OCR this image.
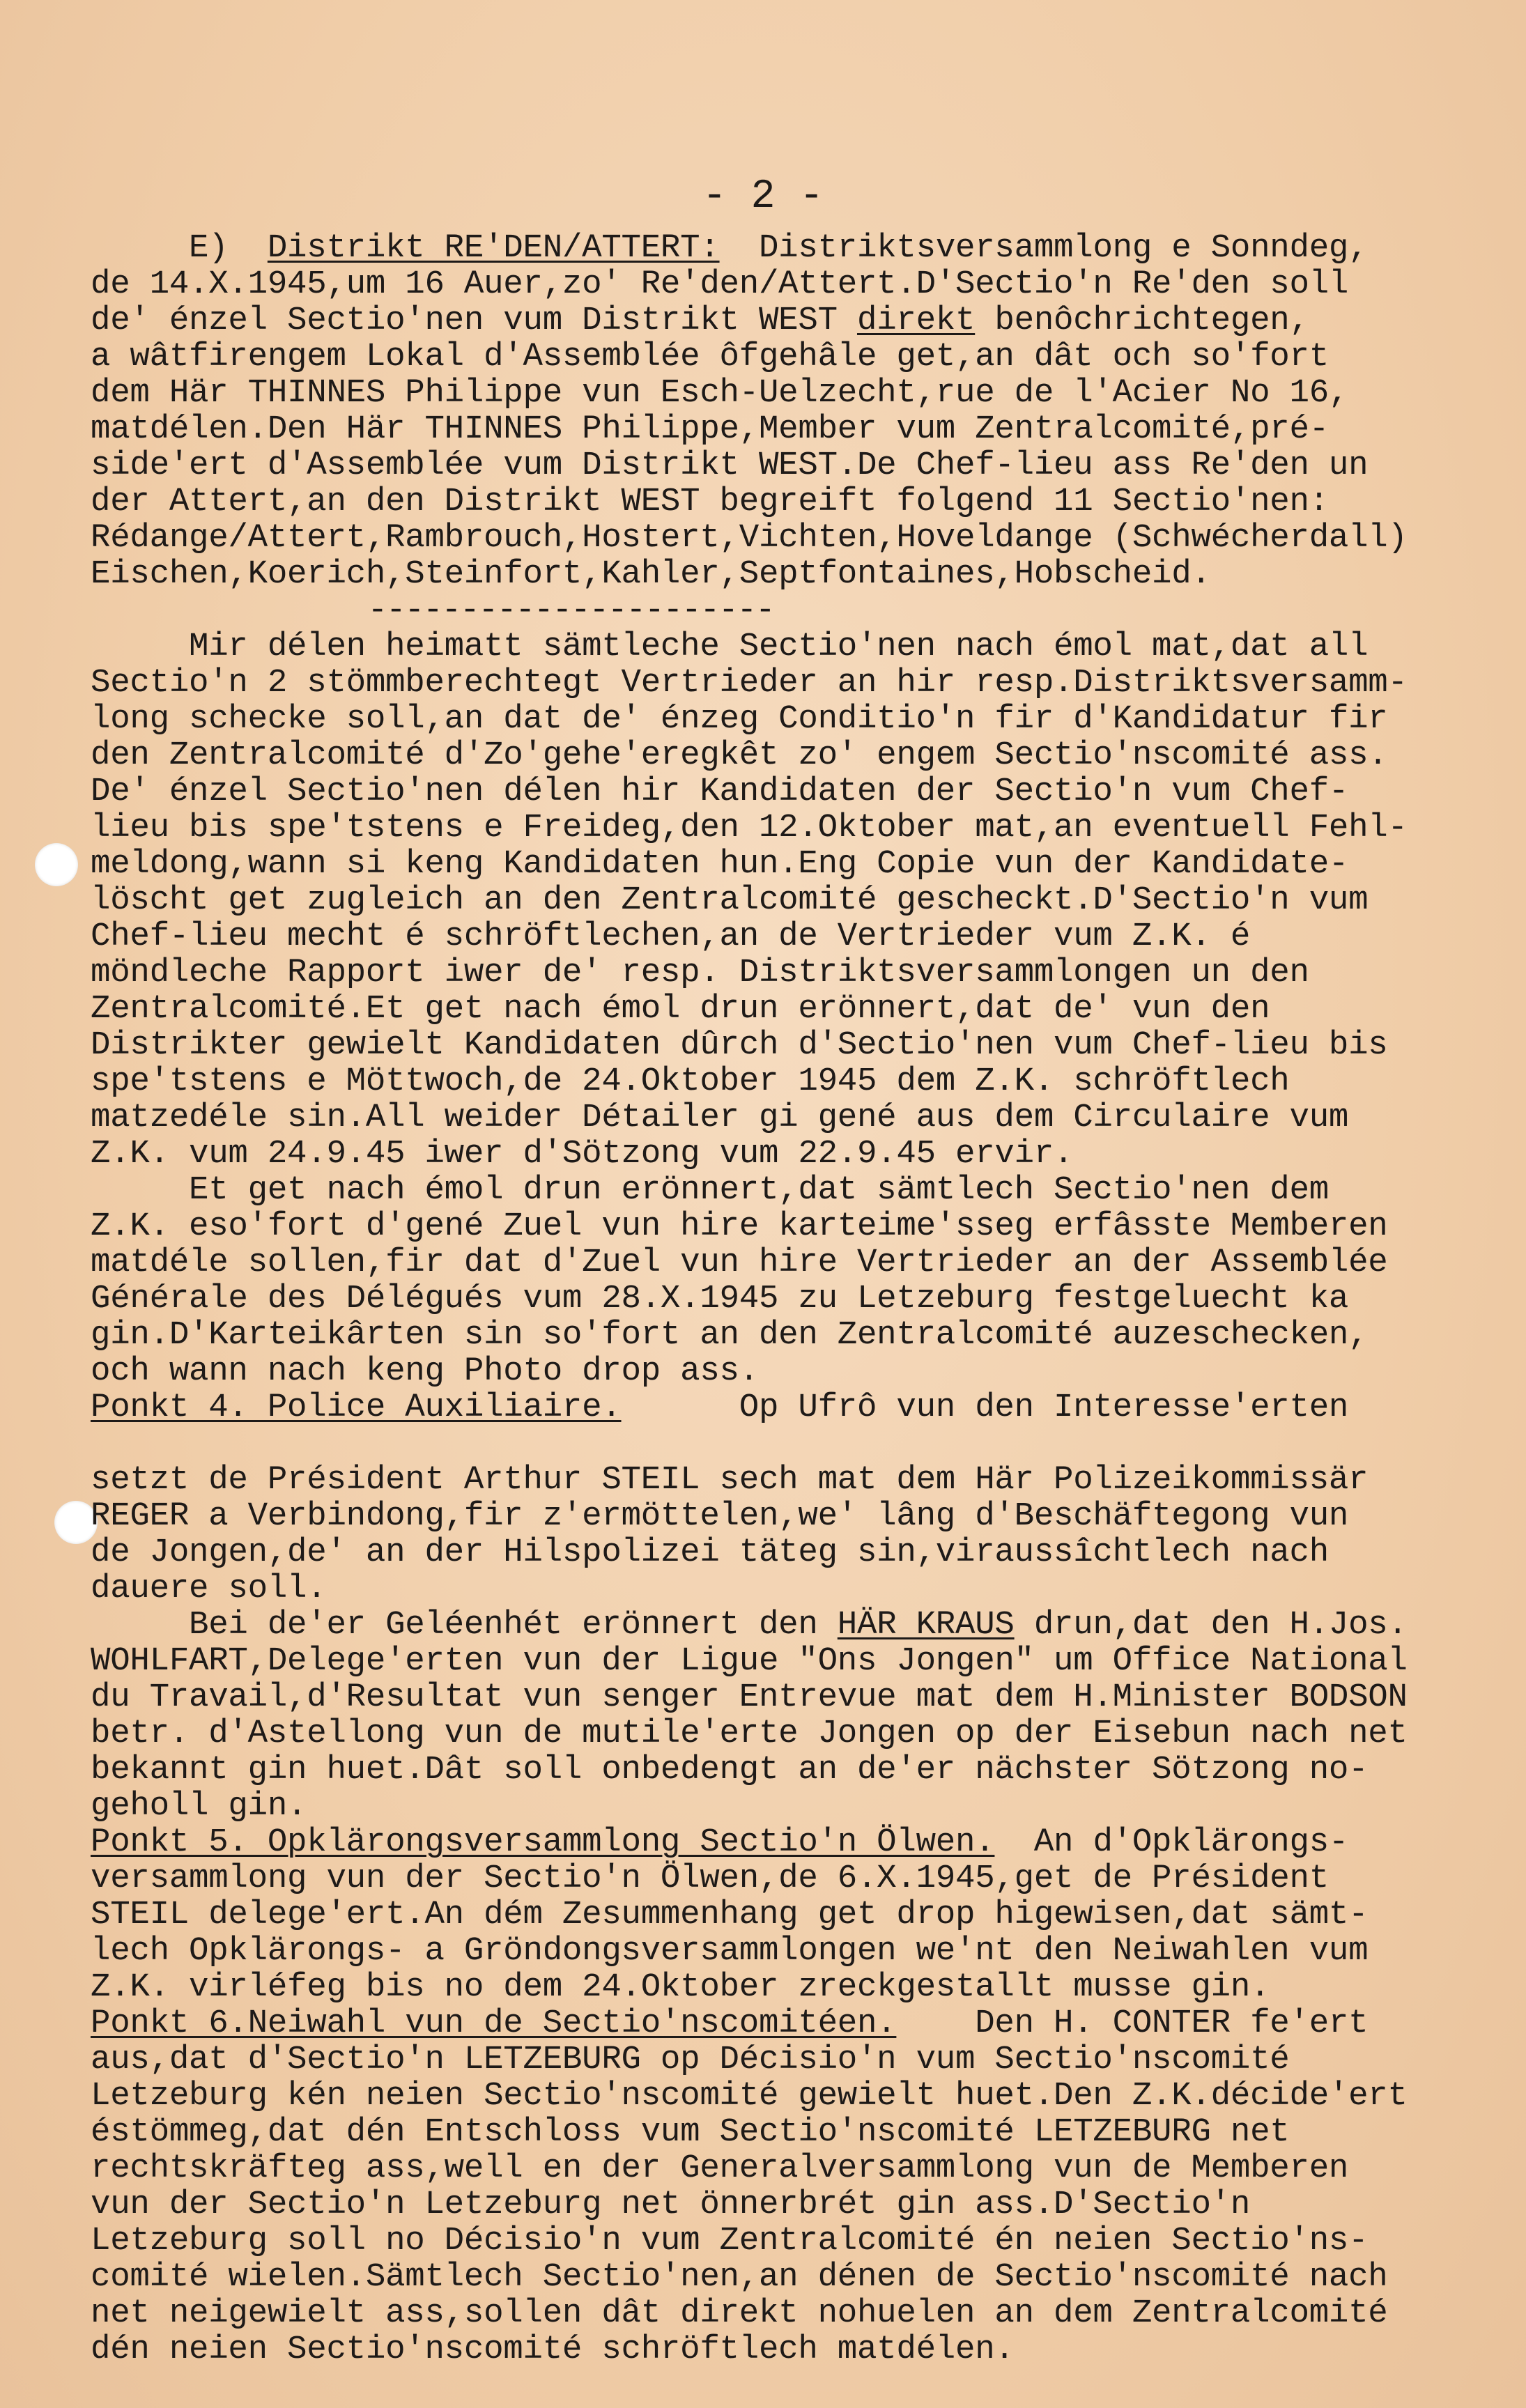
- 2 -
E)  Distrikt RE'DEN/ATTERT:  Distriktsversammlong e Sonndeg,
de 14.X.1945,um 16 Auer,zo' Re'den/Attert.D'Sectio'n Re'den soll
de' énzel Sectio'nen vum Distrikt WEST direkt benôchrichtegen,
a wâtfirengem Lokal d'Assemblée ôfgehâle get,an dât och so'fort
dem Här THINNES Philippe vun Esch-Uelzecht,rue de l'Acier No 16,
matdélen.Den Här THINNES Philippe,Member vum Zentralcomité,pré-
side'ert d'Assemblée vum Distrikt WEST.De Chef-lieu ass Re'den un
der Attert,an den Distrikt WEST begreift folgend 11 Sectio'nen:
Rédange/Attert,Rambrouch,Hostert,Vichten,Hoveldange (Schwécherdall)
Eischen,Koerich,Steinfort,Kahler,Septfontaines,Hobscheid.
----------------------
Mir délen heimatt sämtleche Sectio'nen nach émol mat,dat all
Sectio'n 2 stömmberechtegt Vertrieder an hir resp.Distriktsversamm-
long schecke soll,an dat de' énzeg Conditio'n fir d'Kandidatur fir
den Zentralcomité d'Zo'gehe'eregkêt zo' engem Sectio'nscomité ass.
De' énzel Sectio'nen délen hir Kandidaten der Sectio'n vum Chef-
lieu bis spe'tstens e Freideg,den 12.Oktober mat,an eventuell Fehl-
meldong,wann si keng Kandidaten hun.Eng Copie vun der Kandidate-
löscht get zugleich an den Zentralcomité gescheckt.D'Sectio'n vum
Chef-lieu mecht é schröftlechen,an de Vertrieder vum Z.K. é
möndleche Rapport iwer de' resp. Distriktsversammlongen un den
Zentralcomité.Et get nach émol drun erönnert,dat de' vun den
Distrikter gewielt Kandidaten dûrch d'Sectio'nen vum Chef-lieu bis
spe'tstens e Möttwoch,de 24.Oktober 1945 dem Z.K. schröftlech
matzedéle sin.All weider Détailer gi gené aus dem Circulaire vum
Z.K. vum 24.9.45 iwer d'Sötzong vum 22.9.45 ervir.
Et get nach émol drun erönnert,dat sämtlech Sectio'nen dem
Z.K. eso'fort d'gené Zuel vun hire karteime'sseg erfâsste Memberen
matdéle sollen,fir dat d'Zuel vun hire Vertrieder an der Assemblée
Générale des Délégués vum 28.X.1945 zu Letzeburg festgeluecht ka
gin.D'Karteikârten sin so'fort an den Zentralcomité auzeschecken,
och wann nach keng Photo drop ass.
Ponkt 4. Police Auxiliaire.      Op Ufrô vun den Interesse'erten
setzt de Président Arthur STEIL sech mat dem Här Polizeikommissär
REGER a Verbindong,fir z'ermöttelen,we' lâng d'Beschäftegong vun
de Jongen,de' an der Hilspolizei täteg sin,viraussîchtlech nach
dauere soll.
Bei de'er Geléenhét erönnert den HÄR KRAUS drun,dat den H.Jos.
WOHLFART,Delege'erten vun der Ligue "Ons Jongen" um Office National
du Travail,d'Resultat vun senger Entrevue mat dem H.Minister BODSON
betr. d'Astellong vun de mutile'erte Jongen op der Eisebun nach net
bekannt gin huet.Dât soll onbedengt an de'er nächster Sötzong no-
geholl gin.
Ponkt 5. Opklärongsversammlong Sectio'n Ölwen.  An d'Opklärongs-
versammlong vun der Sectio'n Ölwen,de 6.X.1945,get de Président
STEIL delege'ert.An dém Zesummenhang get drop higewisen,dat sämt-
lech Opklärongs- a Gröndongsversammlongen we'nt den Neiwahlen vum
Z.K. virléfeg bis no dem 24.Oktober zreckgestallt musse gin.
Ponkt 6.Neiwahl vun de Sectio'nscomitéen.    Den H. CONTER fe'ert
aus,dat d'Sectio'n LETZEBURG op Décisio'n vum Sectio'nscomité
Letzeburg kén neien Sectio'nscomité gewielt huet.Den Z.K.décide'ert
éstömmeg,dat dén Entschloss vum Sectio'nscomité LETZEBURG net
rechtskräfteg ass,well en der Generalversammlong vun de Memberen
vun der Sectio'n Letzeburg net önnerbrét gin ass.D'Sectio'n
Letzeburg soll no Décisio'n vum Zentralcomité én neien Sectio'ns-
comité wielen.Sämtlech Sectio'nen,an dénen de Sectio'nscomité nach
net neigewielt ass,sollen dât direkt nohuelen an dem Zentralcomité
dén neien Sectio'nscomité schröftlech matdélen.
